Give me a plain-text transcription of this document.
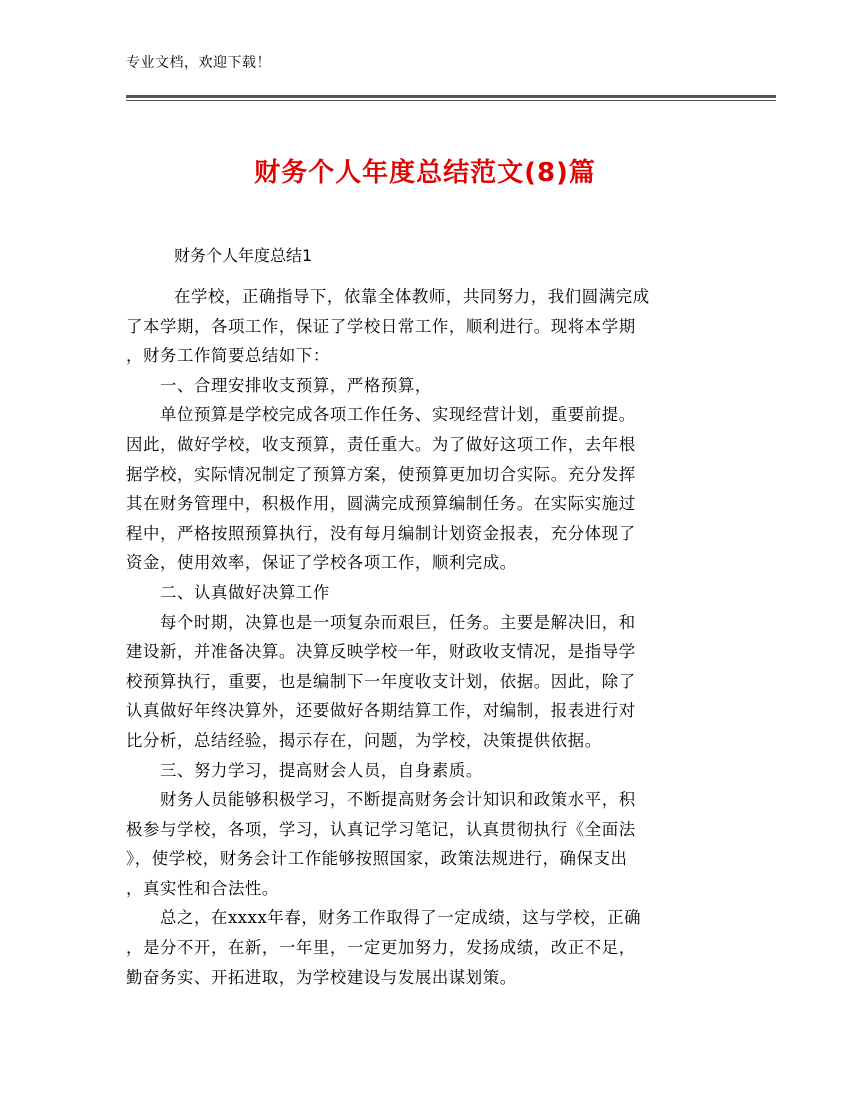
专业文档，欢迎下载！
财务个人年度总结范文(8)篇
财务个人年度总结1
在学校，正确指导下，依靠全体教师，共同努力，我们圆满完成
了本学期，各项工作，保证了学校日常工作，顺利进行。现将本学期
，财务工作简要总结如下：
一、合理安排收支预算，严格预算，
单位预算是学校完成各项工作任务、实现经营计划，重要前提。
因此，做好学校，收支预算，责任重大。为了做好这项工作，去年根
据学校，实际情况制定了预算方案，使预算更加切合实际。充分发挥
其在财务管理中，积极作用，圆满完成预算编制任务。在实际实施过
程中，严格按照预算执行，没有每月编制计划资金报表，充分体现了
资金，使用效率，保证了学校各项工作，顺利完成。
二、认真做好决算工作
每个时期，决算也是一项复杂而艰巨，任务。主要是解决旧，和
建设新，并准备决算。决算反映学校一年，财政收支情况，是指导学
校预算执行，重要，也是编制下一年度收支计划，依据。因此，除了
认真做好年终决算外，还要做好各期结算工作，对编制，报表进行对
比分析，总结经验，揭示存在，问题，为学校，决策提供依据。
三、努力学习，提高财会人员，自身素质。
财务人员能够积极学习，不断提高财务会计知识和政策水平，积
极参与学校，各项，学习，认真记学习笔记，认真贯彻执行《全面法
》，使学校，财务会计工作能够按照国家，政策法规进行，确保支出
，真实性和合法性。
总之，在xxxx年春，财务工作取得了一定成绩，这与学校，正确
，是分不开，在新，一年里，一定更加努力，发扬成绩，改正不足，
勤奋务实、开拓进取，为学校建设与发展出谋划策。
